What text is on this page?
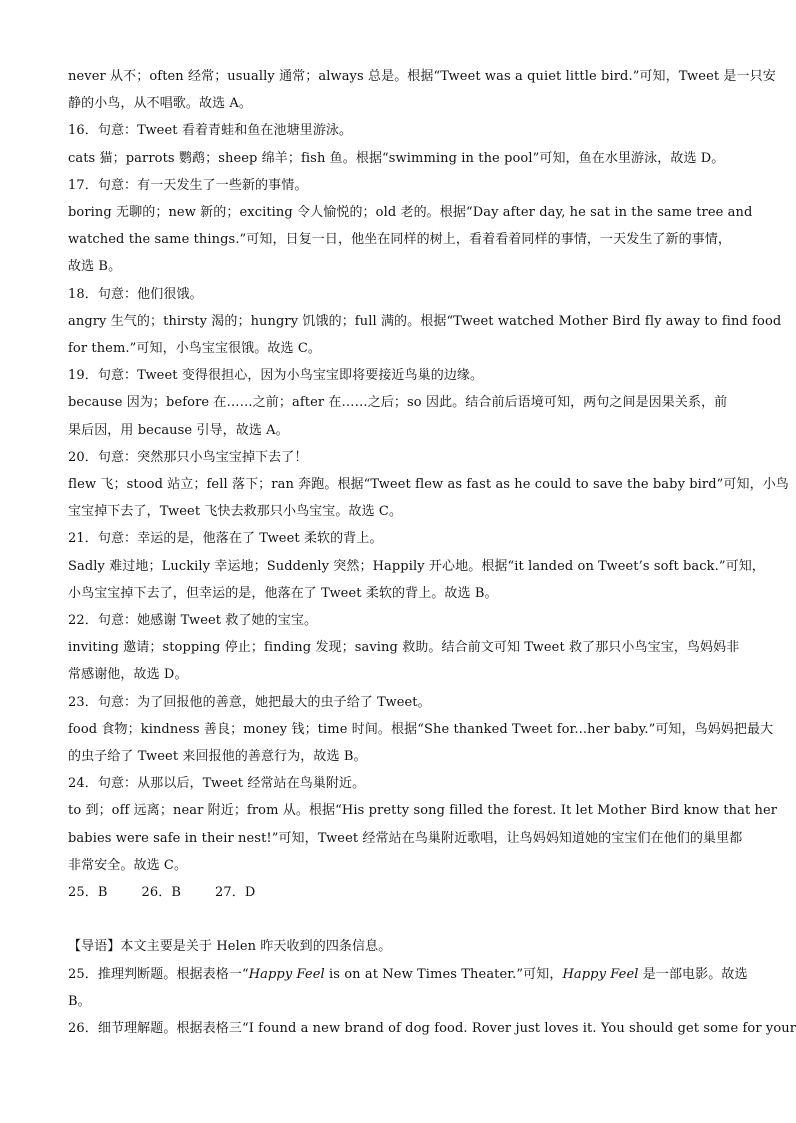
never 从不；often 经常；usually 通常；always 总是。根据“Tweet was a quiet little bird.”可知，Tweet 是一只安
静的小鸟，从不唱歌。故选 A。
16．句意：Tweet 看着青蛙和鱼在池塘里游泳。
cats 猫；parrots 鹦鹉；sheep 绵羊；fish 鱼。根据“swimming in the pool”可知，鱼在水里游泳，故选 D。
17．句意：有一天发生了一些新的事情。
boring 无聊的；new 新的；exciting 令人愉悦的；old 老的。根据“Day after day, he sat in the same tree and
watched the same things.”可知，日复一日，他坐在同样的树上，看着看着同样的事情，一天发生了新的事情，
故选 B。
18．句意：他们很饿。
angry 生气的；thirsty 渴的；hungry 饥饿的；full 满的。根据“Tweet watched Mother Bird fly away to find food
for them.”可知，小鸟宝宝很饿。故选 C。
19．句意：Tweet 变得很担心，因为小鸟宝宝即将要接近鸟巢的边缘。
because 因为；before 在……之前；after 在……之后；so 因此。结合前后语境可知，两句之间是因果关系，前
果后因，用 because 引导，故选 A。
20．句意：突然那只小鸟宝宝掉下去了！
flew 飞；stood 站立；fell 落下；ran 奔跑。根据“Tweet flew as fast as he could to save the baby bird”可知，小鸟
宝宝掉下去了，Tweet 飞快去救那只小鸟宝宝。故选 C。
21．句意：幸运的是，他落在了 Tweet 柔软的背上。
Sadly 难过地；Luckily 幸运地；Suddenly 突然；Happily 开心地。根据“it landed on Tweet’s soft back.”可知，
小鸟宝宝掉下去了，但幸运的是，他落在了 Tweet 柔软的背上。故选 B。
22．句意：她感谢 Tweet 救了她的宝宝。
inviting 邀请；stopping 停止；finding 发现；saving 救助。结合前文可知 Tweet 救了那只小鸟宝宝，鸟妈妈非
常感谢他，故选 D。
23．句意：为了回报他的善意，她把最大的虫子给了 Tweet。
food 食物；kindness 善良；money 钱；time 时间。根据“She thanked Tweet for...her baby.”可知，鸟妈妈把最大
的虫子给了 Tweet 来回报他的善意行为，故选 B。
24．句意：从那以后，Tweet 经常站在鸟巢附近。
to 到；off 远离；near 附近；from 从。根据“His pretty song filled the forest. It let Mother Bird know that her
babies were safe in their nest!”可知，Tweet 经常站在鸟巢附近歌唱，让鸟妈妈知道她的宝宝们在他们的巢里都
非常安全。故选 C。
25．B	26．B	27．D
【导语】本文主要是关于 Helen 昨天收到的四条信息。
25．推理判断题。根据表格一“Happy Feel is on at New Times Theater.”可知，Happy Feel 是一部电影。故选
B。
26．细节理解题。根据表格三“I found a new brand of dog food. Rover just loves it. You should get some for your
